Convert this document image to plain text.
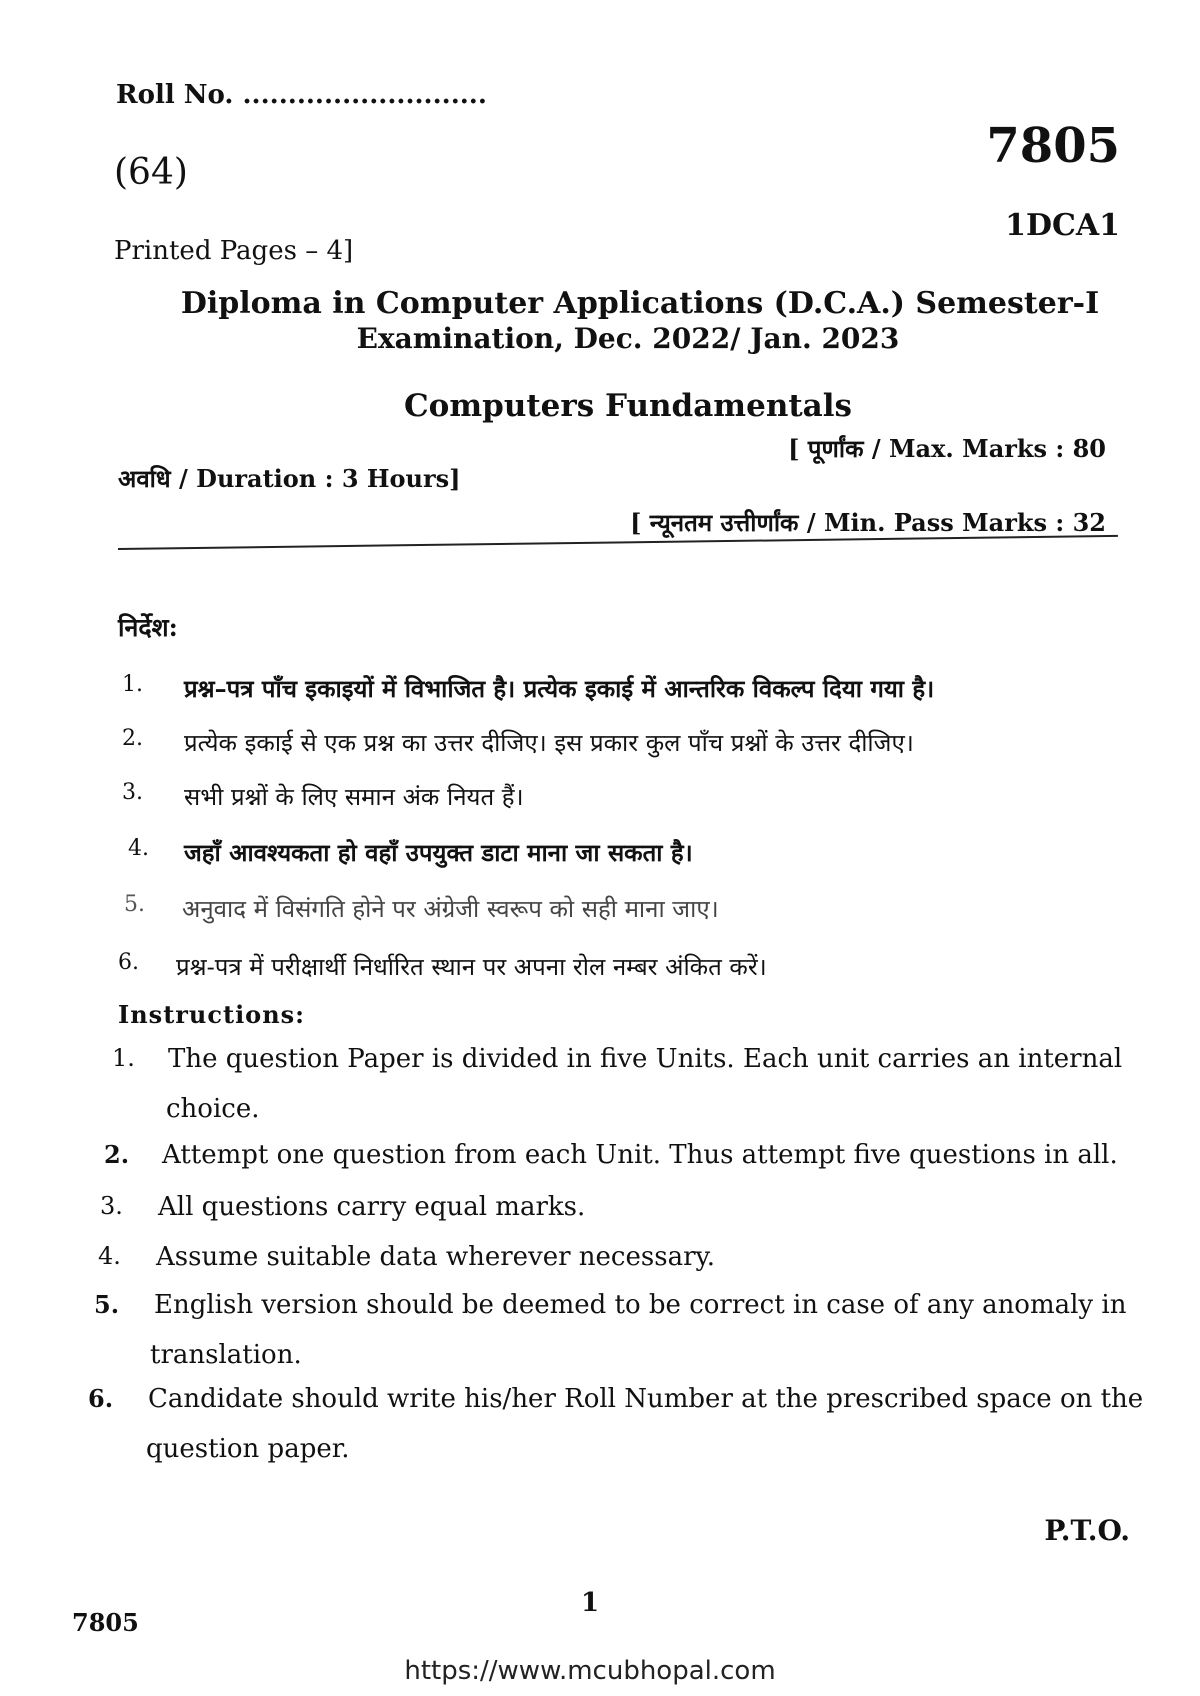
Roll No. ...........................
(64)	7805
1DCA1
Printed Pages – 4]
Diploma in Computer Applications (D.C.A.) Semester-I
Examination, Dec. 2022/ Jan. 2023
Computers Fundamentals
अवधि / Duration : 3 Hours]
[ पूर्णांक / Max. Marks : 80
[ न्यूनतम उत्तीर्णांक / Min. Pass Marks : 32
निर्देश:
1. प्रश्न–पत्र पाँच इकाइयों में विभाजित है। प्रत्येक इकाई में आन्तरिक विकल्प दिया गया है।
2. प्रत्येक इकाई से एक प्रश्न का उत्तर दीजिए। इस प्रकार कुल पाँच प्रश्नों के उत्तर दीजिए।
3. सभी प्रश्नों के लिए समान अंक नियत हैं।
4. जहाँ आवश्यकता हो वहाँ उपयुक्त डाटा माना जा सकता है।
5. अनुवाद में विसंगति होने पर अंग्रेजी स्वरूप को सही माना जाए।
6. प्रश्न-पत्र में परीक्षार्थी निर्धारित स्थान पर अपना रोल नम्बर अंकित करें।
Instructions:
1. The question Paper is divided in five Units. Each unit carries an internal
choice.
2. Attempt one question from each Unit. Thus attempt five questions in all.
3. All questions carry equal marks.
4. Assume suitable data wherever necessary.
5. English version should be deemed to be correct in case of any anomaly in
translation.
6. Candidate should write his/her Roll Number at the prescribed space on the
question paper.
P.T.O.
1
7805
https://www.mcubhopal.com
